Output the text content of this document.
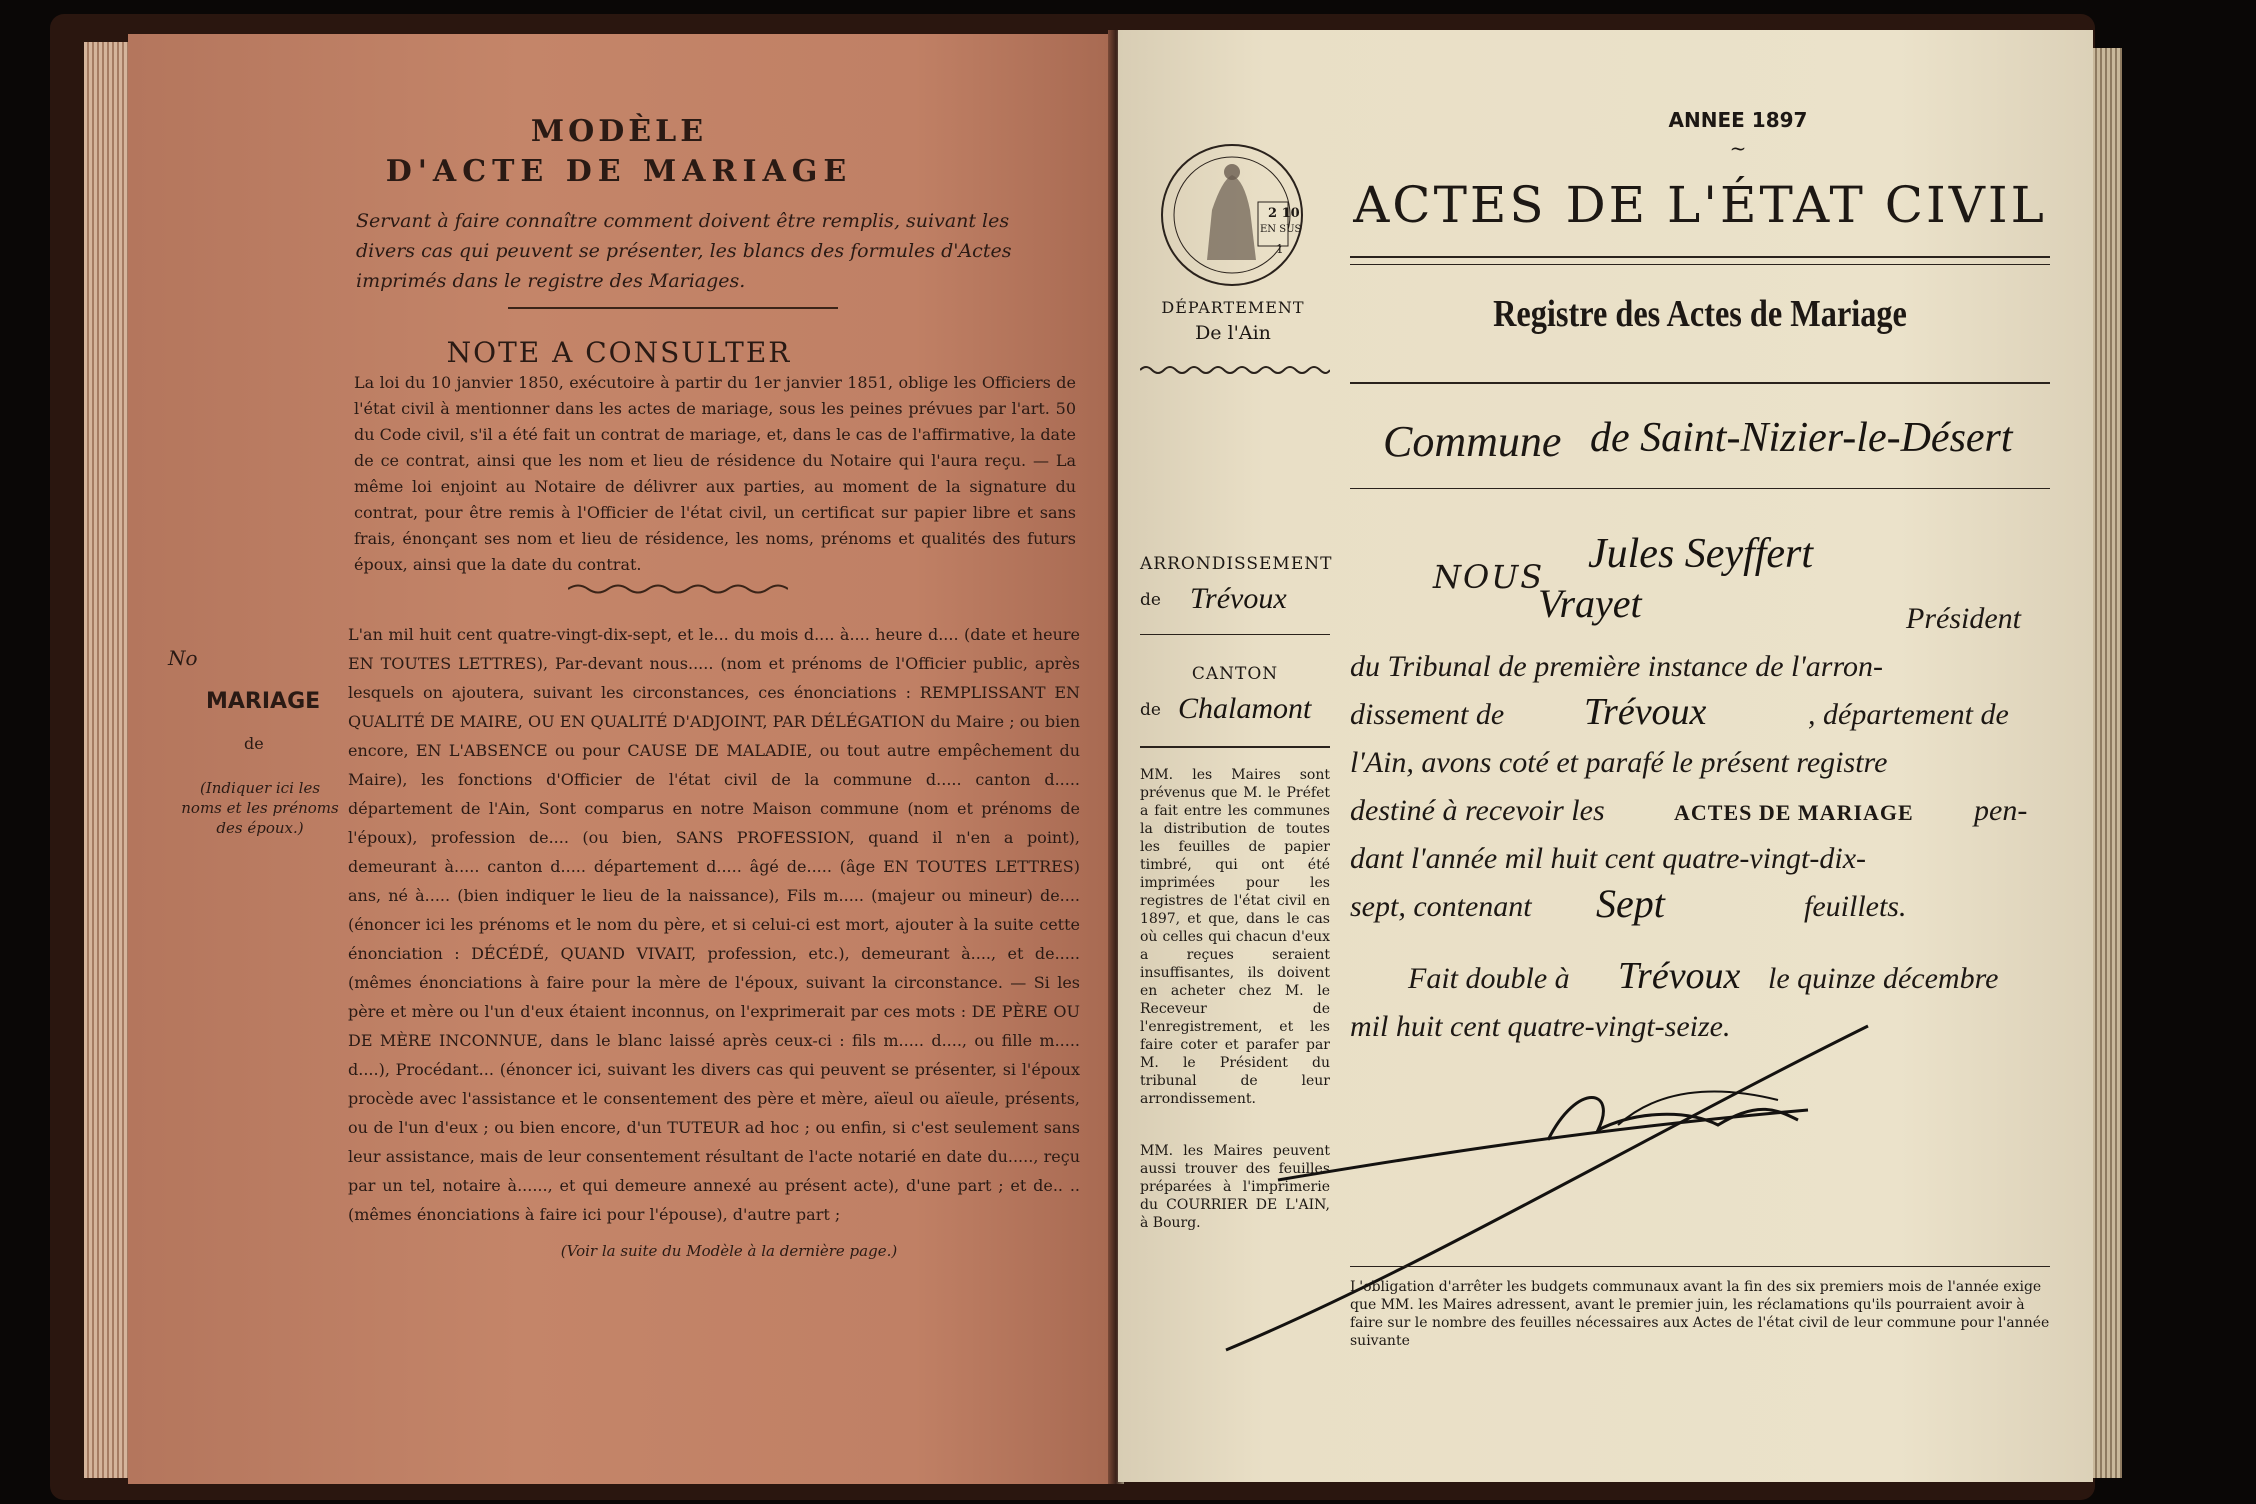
MODÈLE
D'ACTE DE MARIAGE
Servant à faire connaître comment doivent être remplis, suivant les divers cas qui peuvent se présenter, les blancs des formules d'Actes imprimés dans le registre des Mariages.
NOTE A CONSULTER
La loi du 10 janvier 1850, exécutoire à partir du 1er janvier 1851, oblige les Officiers de l'état civil à mentionner dans les actes de mariage, sous les peines prévues par l'art. 50 du Code civil, s'il a été fait un contrat de mariage, et, dans le cas de l'affirmative, la date de ce contrat, ainsi que les nom et lieu de résidence du Notaire qui l'aura reçu. — La même loi enjoint au Notaire de délivrer aux parties, au moment de la signature du contrat, pour être remis à l'Officier de l'état civil, un certificat sur papier libre et sans frais, énonçant ses nom et lieu de résidence, les noms, prénoms et qualités des futurs époux, ainsi que la date du contrat.
No
MARIAGE
de
(Indiquer ici les noms et les prénoms des époux.)
L'an mil huit cent quatre-vingt-dix-sept, et le... du mois d.... à.... heure d.... (date et heure EN TOUTES LETTRES), Par-devant nous..... (nom et prénoms de l'Officier public, après lesquels on ajoutera, suivant les circonstances, ces énonciations : REMPLISSANT EN QUALITÉ DE MAIRE, OU EN QUALITÉ D'ADJOINT, PAR DÉLÉGATION du Maire ; ou bien encore, EN L'ABSENCE ou pour CAUSE DE MALADIE, ou tout autre empêchement du Maire), les fonctions d'Officier de l'état civil de la commune d..... canton d..... département de l'Ain, Sont comparus en notre Maison commune (nom et prénoms de l'époux), profession de.... (ou bien, SANS PROFESSION, quand il n'en a point), demeurant à..... canton d..... département d..... âgé de..... (âge EN TOUTES LETTRES) ans, né à..... (bien indiquer le lieu de la naissance), Fils m..... (majeur ou mineur) de.... (énoncer ici les prénoms et le nom du père, et si celui-ci est mort, ajouter à la suite cette énonciation : DÉCÉDÉ, QUAND VIVAIT, profession, etc.), demeurant à...., et de..... (mêmes énonciations à faire pour la mère de l'époux, suivant la circonstance. — Si les père et mère ou l'un d'eux étaient inconnus, on l'exprimerait par ces mots : DE PÈRE OU DE MÈRE INCONNUE, dans le blanc laissé après ceux-ci : fils m..... d...., ou fille m..... d....), Procédant... (énoncer ici, suivant les divers cas qui peuvent se présenter, si l'époux procède avec l'assistance et le consentement des père et mère, aïeul ou aïeule, présents, ou de l'un d'eux ; ou bien encore, d'un TUTEUR ad hoc ; ou enfin, si c'est seulement sans leur assistance, mais de leur consentement résultant de l'acte notarié en date du....., reçu par un tel, notaire à......, et qui demeure annexé au présent acte), d'une part ; et de.. .. (mêmes énonciations à faire ici pour l'épouse), d'autre part ;
(Voir la suite du Modèle à la dernière page.)
ANNEE 1897
~
ACTES DE L'ÉTAT CIVIL
Registre des Actes de Mariage
Commune de Saint-Nizier-le-Désert
2 10
EN SUS
1
DÉPARTEMENT
De l'Ain
ARRONDISSEMENT
de Trévoux
CANTON
de Chalamont
MM. les Maires sont prévenus que M. le Préfet a fait entre les communes la distribution de toutes les feuilles de papier timbré, qui ont été imprimées pour les registres de l'état civil en 1897, et que, dans le cas où celles qui chacun d'eux a reçues seraient insuffisantes, ils doivent en acheter chez M. le Receveur de l'enregistrement, et les faire coter et parafer par M. le Président du tribunal de leur arrondissement.
MM. les Maires peuvent aussi trouver des feuilles préparées à l'imprimerie du COURRIER DE L'AIN, à Bourg.
NOUS Jules Seyffert
Vrayet	Président
du Tribunal de première instance de l'arron-
dissement de Trévoux	, département de
l'Ain, avons coté et parafé le présent registre
destiné à recevoir les	ACTES DE MARIAGE pen-
dant l'année mil huit cent quatre-vingt-dix-
sept, contenant Sept	feuillets.
Fait double à Trévoux le quinze décembre
mil huit cent quatre-vingt-seize.
L'obligation d'arrêter les budgets communaux avant la fin des six premiers mois de l'année exige que MM. les Maires adressent, avant le premier juin, les réclamations qu'ils pourraient avoir à faire sur le nombre des feuilles nécessaires aux Actes de l'état civil de leur commune pour l'année suivante
